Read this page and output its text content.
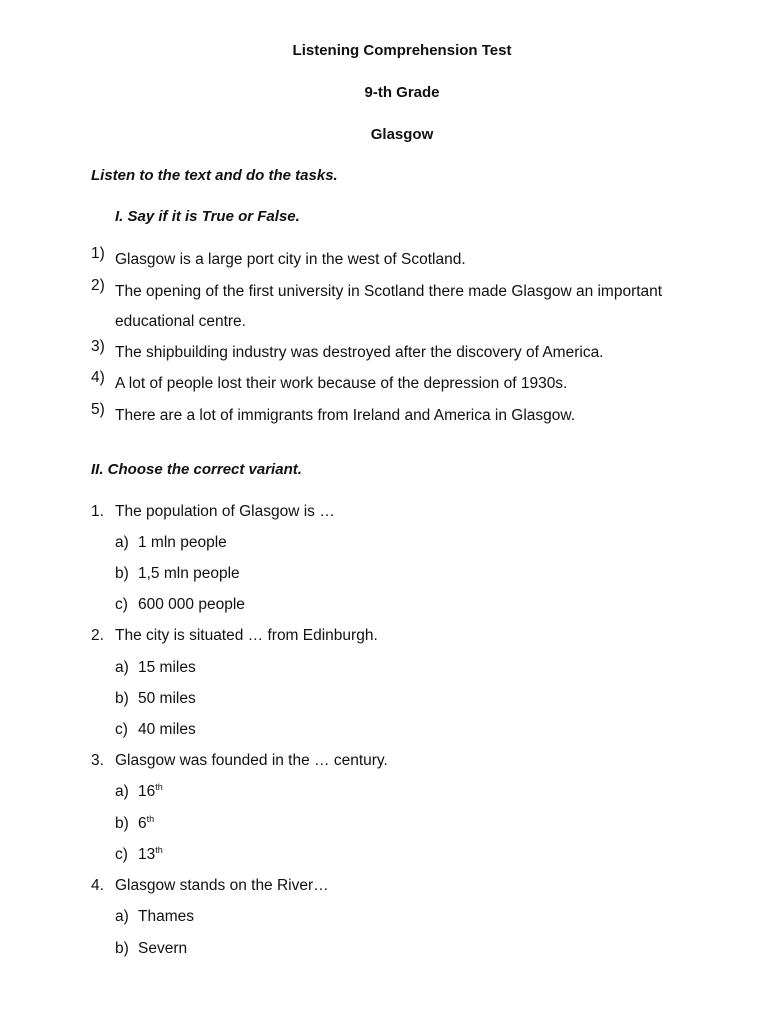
Listening Comprehension Test
9-th Grade
Glasgow
Listen to the text and do the tasks.
I. Say if it is True or False.
1) Glasgow is a large port city in the west of Scotland.
2) The opening of the first university in Scotland there made Glasgow an important educational centre.
3) The shipbuilding industry was destroyed after the discovery of America.
4) A lot of people lost their work because of the depression of 1930s.
5) There are a lot of immigrants from Ireland and America in Glasgow.
II. Choose the correct variant.
1. The population of Glasgow is …
a) 1 mln people
b) 1,5 mln people
c) 600 000 people
2. The city is situated … from Edinburgh.
a) 15 miles
b) 50 miles
c) 40 miles
3. Glasgow was founded in the … century.
a) 16th
b) 6th
c) 13th
4. Glasgow stands on the River…
a) Thames
b) Severn
